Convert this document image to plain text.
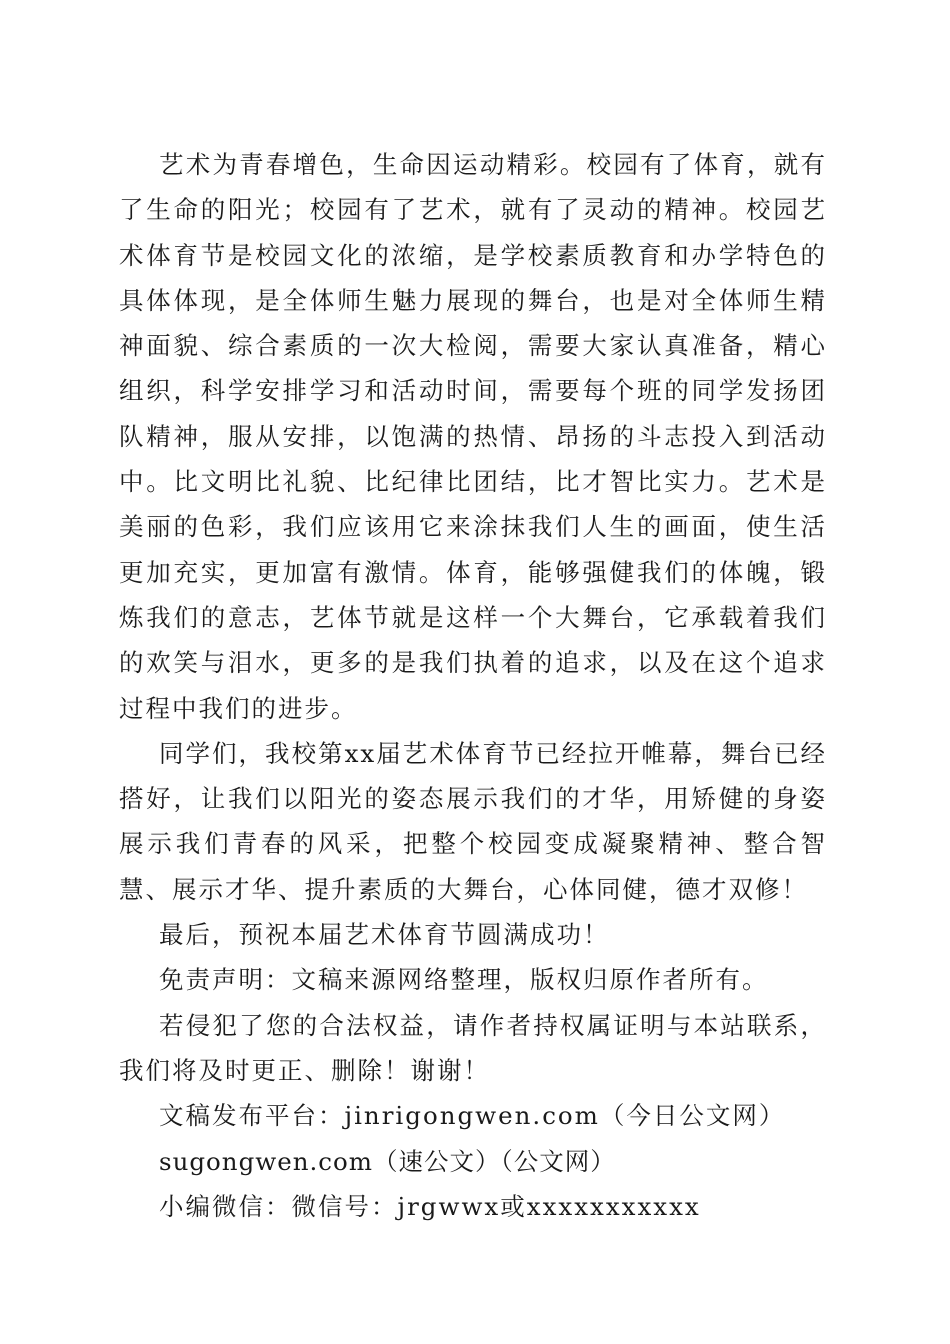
艺术为青春增色，生命因运动精彩。校园有了体育，就有了生命的阳光；校园有了艺术，就有了灵动的精神。校园艺术体育节是校园文化的浓缩，是学校素质教育和办学特色的具体体现，是全体师生魅力展现的舞台，也是对全体师生精神面貌、综合素质的一次大检阅，需要大家认真准备，精心组织，科学安排学习和活动时间，需要每个班的同学发扬团队精神，服从安排，以饱满的热情、昂扬的斗志投入到活动中。比文明比礼貌、比纪律比团结，比才智比实力。艺术是美丽的色彩，我们应该用它来涂抹我们人生的画面，使生活更加充实，更加富有激情。体育，能够强健我们的体魄，锻炼我们的意志，艺体节就是这样一个大舞台，它承载着我们的欢笑与泪水，更多的是我们执着的追求，以及在这个追求过程中我们的进步。

同学们，我校第xx届艺术体育节已经拉开帷幕，舞台已经搭好，让我们以阳光的姿态展示我们的才华，用矫健的身姿展示我们青春的风采，把整个校园变成凝聚精神、整合智慧、展示才华、提升素质的大舞台，心体同健，德才双修！

最后，预祝本届艺术体育节圆满成功！

免责声明：文稿来源网络整理，版权归原作者所有。

若侵犯了您的合法权益，请作者持权属证明与本站联系，我们将及时更正、删除！谢谢！

文稿发布平台：jinrigongwen.com（今日公文网）

sugongwen.com（速公文）（公文网）

小编微信：微信号：jrgwwx或xxxxxxxxxxx
